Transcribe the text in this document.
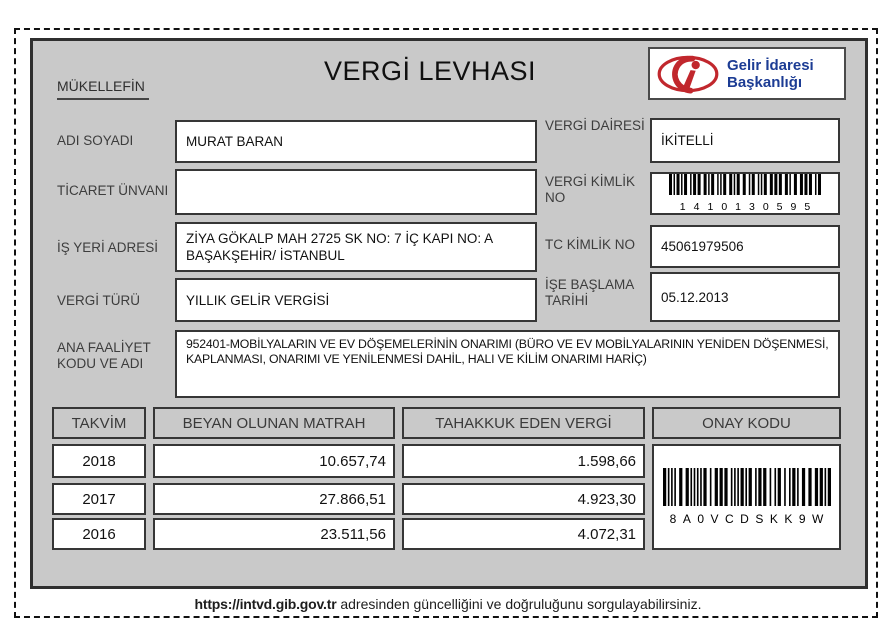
VERGİ LEVHASI
MÜKELLEFİN
Gelir İdaresi
Başkanlığı
ADI SOYADI	MURAT BARAN
TİCARET ÜNVANI
İŞ YERİ ADRESİ
ZİYA GÖKALP MAH 2725 SK NO: 7 İÇ KAPI NO: A BAŞAKŞEHİR/ İSTANBUL
VERGİ TÜRÜ	YILLIK GELİR VERGİSİ
ANA FAALİYET KODU VE ADI
952401-MOBİLYALARIN VE EV DÖŞEMELERİNİN ONARIMI (BÜRO VE EV MOBİLYALARININ YENİDEN DÖŞENMESİ, KAPLANMASI, ONARIMI VE YENİLENMESİ DAHİL, HALI VE KİLİM ONARIMI HARİÇ)
VERGİ DAİRESİ
İKİTELLİ
VERGİ KİMLİK NO
1410130595
TC KİMLİK NO	45061979506
İŞE BAŞLAMA TARİHİ	05.12.2013
TAKVİM	BEYAN OLUNAN MATRAH	TAHAKKUK EDEN VERGİ	ONAY KODU
2018	10.657,74	1.598,66
2017	27.866,51	4.923,30
2016	23.511,56	4.072,31
8A0VCDSKK9W
https://intvd.gib.gov.tr adresinden güncelliğini ve doğruluğunu sorgulayabilirsiniz.
